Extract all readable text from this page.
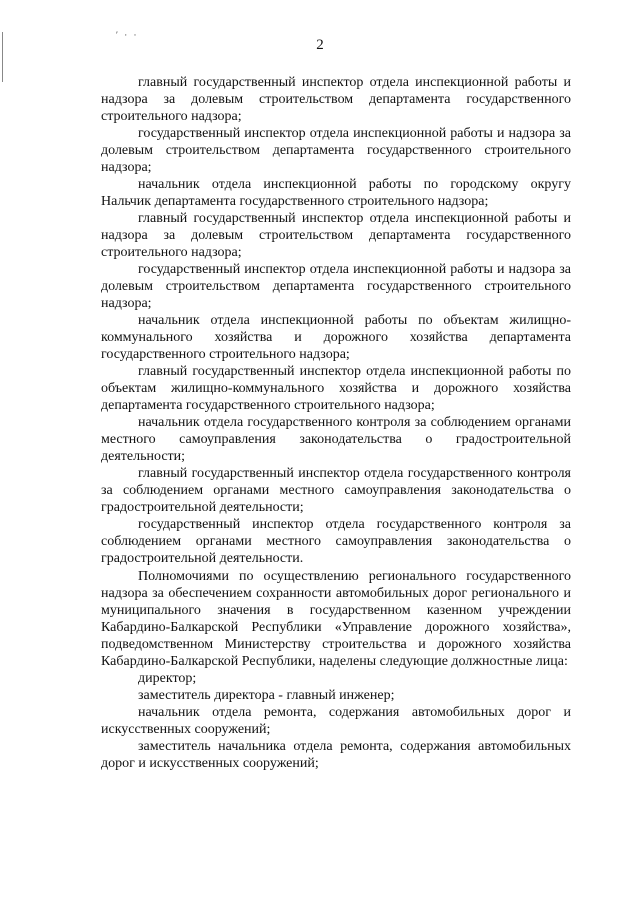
′ · ·
2

главный государственный инспектор отдела инспекционной работы и надзора за долевым строительством департамента государственного строительного надзора;

государственный инспектор отдела инспекционной работы и надзора за долевым строительством департамента государственного строительного надзора;

начальник отдела инспекционной работы по городскому округу Нальчик департамента государственного строительного надзора;

главный государственный инспектор отдела инспекционной работы и надзора за долевым строительством департамента государственного строительного надзора;

государственный инспектор отдела инспекционной работы и надзора за долевым строительством департамента государственного строительного надзора;

начальник отдела инспекционной работы по объектам жилищно-коммунального хозяйства и дорожного хозяйства департамента государственного строительного надзора;

главный государственный инспектор отдела инспекционной работы по объектам жилищно-коммунального хозяйства и дорожного хозяйства департамента государственного строительного надзора;

начальник отдела государственного контроля за соблюдением органами местного самоуправления законодательства о градостроительной деятельности;

главный государственный инспектор отдела государственного контроля за соблюдением органами местного самоуправления законодательства о градостроительной деятельности;

государственный инспектор отдела государственного контроля за соблюдением органами местного самоуправления законодательства о градостроительной деятельности.

Полномочиями по осуществлению регионального государственного надзора за обеспечением сохранности автомобильных дорог регионального и муниципального значения в государственном казенном учреждении Кабардино-Балкарской Республики «Управление дорожного хозяйства», подведомственном Министерству строительства и дорожного хозяйства Кабардино-Балкарской Республики, наделены следующие должностные лица:

директор;

заместитель директора - главный инженер;

начальник отдела ремонта, содержания автомобильных дорог и искусственных сооружений;

заместитель начальника отдела ремонта, содержания автомобильных дорог и искусственных сооружений;
